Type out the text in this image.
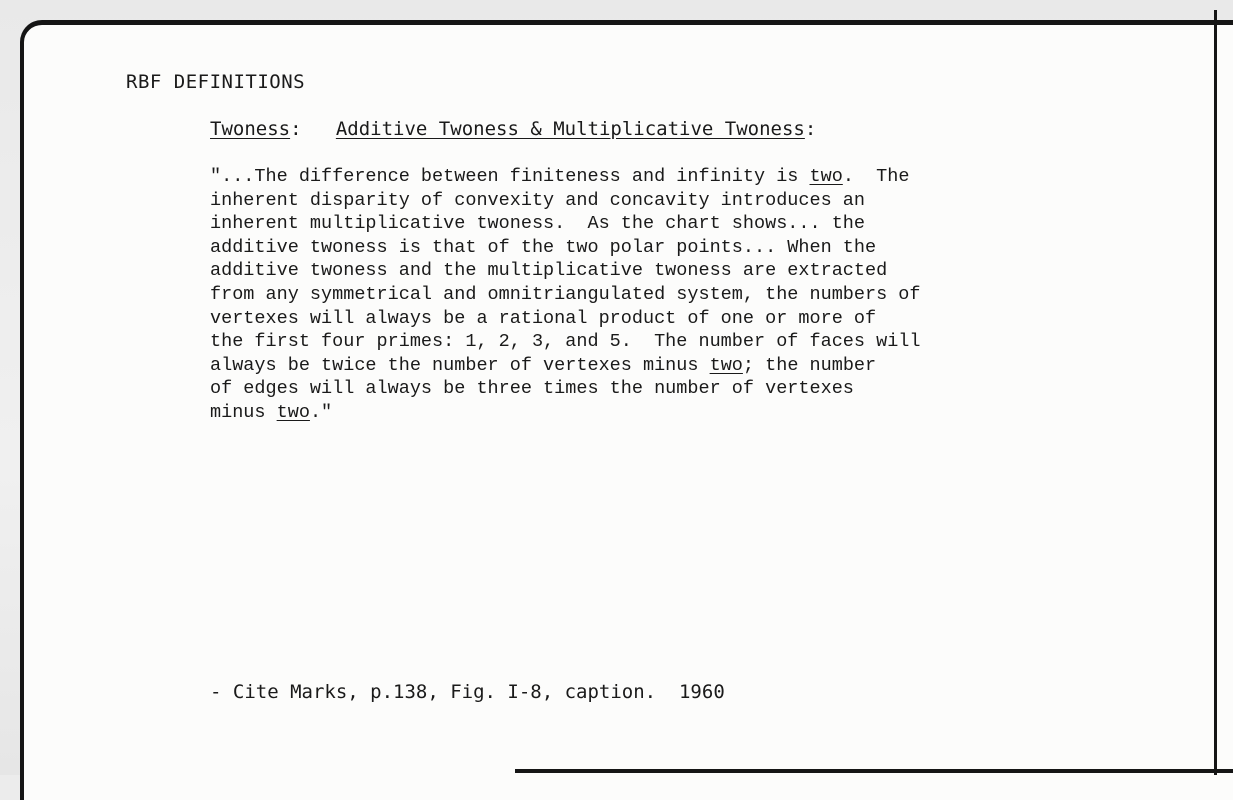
RBF DEFINITIONS
Twoness: Additive Twoness & Multiplicative Twoness:
"...The difference between finiteness and infinity is two.  The
inherent disparity of convexity and concavity introduces an
inherent multiplicative twoness.  As the chart shows... the
additive twoness is that of the two polar points... When the
additive twoness and the multiplicative twoness are extracted
from any symmetrical and omnitriangulated system, the numbers of
vertexes will always be a rational product of one or more of
the first four primes: 1, 2, 3, and 5.  The number of faces will
always be twice the number of vertexes minus two; the number
of edges will always be three times the number of vertexes
minus two."
- Cite Marks, p.138, Fig. I-8, caption.  1960
